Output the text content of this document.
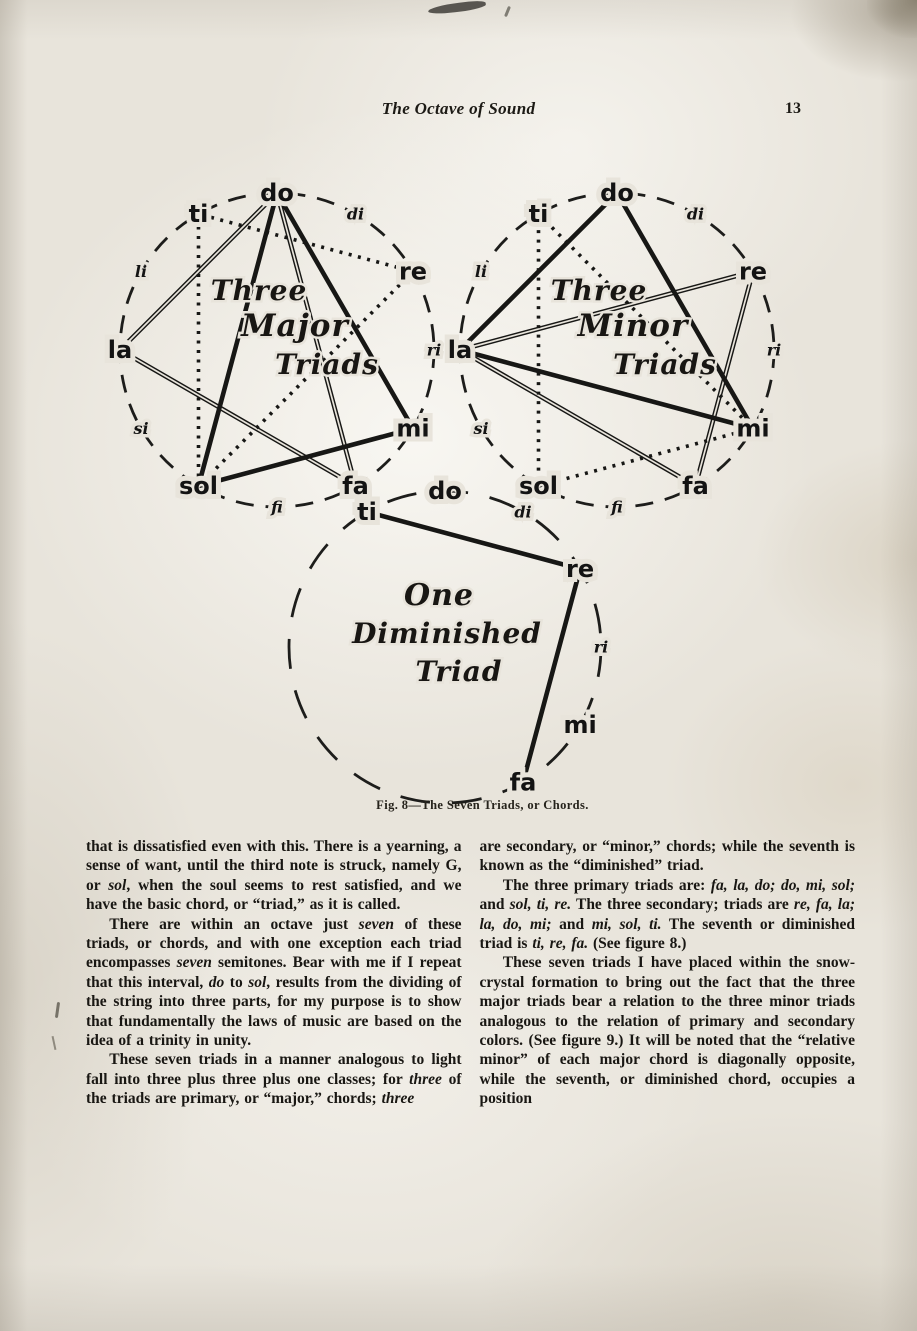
The Octave of Sound	13
do
di
re
ri
mi
fa
fi
sol
si
la
li
ti
Three
Major
Triads
do
di
re
ri
mi
fa
fi
sol
si
la
li
ti
Three
Minor
Triads
do
di
re
ri
mi
fa
ti
One
Diminished
Triad
Fig. 8—The Seven Triads, or Chords.

that is dissatisfied even with this. There is a yearning, a sense of want, until the third note is struck, namely G, or sol, when the soul seems to rest satisfied, and we have the basic chord, or “triad,” as it is called.

There are within an octave just seven of these triads, or chords, and with one exception each triad encompasses seven semitones. Bear with me if I repeat that this interval, do to sol, results from the dividing of the string into three parts, for my purpose is to show that fundamentally the laws of music are based on the idea of a trinity in unity.

These seven triads in a manner analogous to light fall into three plus three plus one classes; for three of the triads are primary, or “major,” chords; three

are secondary, or “minor,” chords; while the seventh is known as the “diminished” triad.

The three primary triads are: fa, la, do; do, mi, sol; and sol, ti, re. The three secondary; triads are re, fa, la; la, do, mi; and mi, sol, ti. The seventh or diminished triad is ti, re, fa. (See figure 8.)

These seven triads I have placed within the snow-crystal formation to bring out the fact that the three major triads bear a relation to the three minor triads analogous to the relation of primary and secondary colors. (See figure 9.) It will be noted that the “relative minor” of each major chord is diagonally opposite, while the seventh, or diminished chord, occupies a position
